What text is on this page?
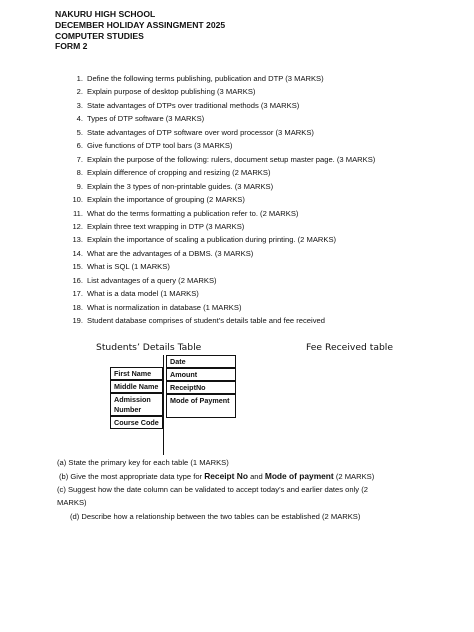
NAKURU HIGH SCHOOL
DECEMBER HOLIDAY ASSINGMENT 2025
COMPUTER STUDIES
FORM 2
1. Define the following terms publishing, publication and DTP (3 MARKS)
2. Explain purpose of desktop publishing (3 MARKS)
3. State advantages of DTPs over traditional methods (3 MARKS)
4. Types of DTP software (3 MARKS)
5. State advantages of DTP software over word processor (3 MARKS)
6. Give functions of DTP tool bars (3 MARKS)
7. Explain the purpose of the following: rulers, document setup master page. (3 MARKS)
8. Explain difference of cropping and resizing (2 MARKS)
9. Explain the 3 types of non-printable guides. (3 MARKS)
10. Explain the importance of grouping (2 MARKS)
11. What do the terms formatting a publication refer to. (2 MARKS)
12. Explain three text wrapping in DTP (3 MARKS)
13. Explain the importance of scaling a publication during printing. (2 MARKS)
14. What are the advantages of a DBMS. (3 MARKS)
15. What is SQL (1 MARKS)
16. List advantages of a query (2 MARKS)
17. What is a data model (1 MARKS)
18. What is normalization in database (1 MARKS)
19. Student database comprises of student’s details table and fee received
Students’ Details Table	Fee Received table
First Name
Middle Name
Admission Number
Course Code
Date
Amount
ReceiptNo
Mode of Payment
(a) State the primary key for each table (1 MARKS)
(b) Give the most appropriate data type for Receipt No and Mode of payment (2 MARKS)
(c) Suggest how the date column can be validated to accept today’s and earlier dates only (2
MARKS)
(d) Describe how a relationship between the two tables can be established (2 MARKS)
